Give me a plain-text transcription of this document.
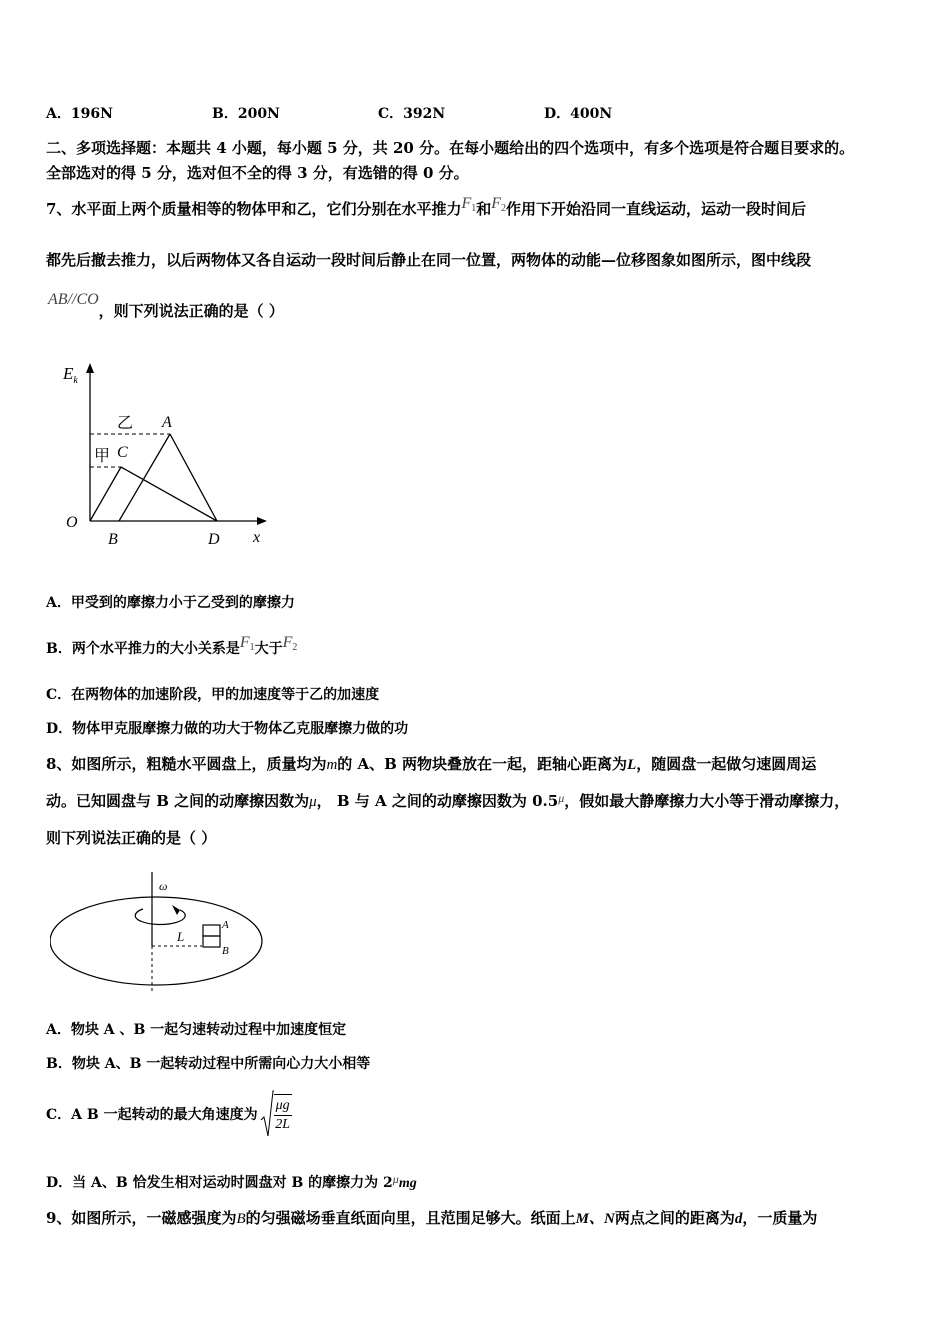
A．196N	B．200N	C．392N	D．400N
二、多项选择题：本题共 4 小题，每小题 5 分，共 20 分。在每小题给出的四个选项中，有多个选项是符合题目要求的。
全部选对的得 5 分，选对但不全的得 3 分，有选错的得 0 分。
7、水平面上两个质量相等的物体甲和乙，它们分别在水平推力$F_1$和$F_2$作用下开始沿同一直线运动，运动一段时间后
都先后撤去推力，以后两物体又各自运动一段时间后静止在同一位置，两物体的动能—位移图象如图所示，图中线段
AB//CO，则下列说法正确的是（ ）
$E_k$
x
O
A
B
C
D
乙
甲
A．甲受到的摩擦力小于乙受到的摩擦力
B．两个水平推力的大小关系是$F_1$大于$F_2$
C．在两物体的加速阶段，甲的加速度等于乙的加速度
D．物体甲克服摩擦力做的功大于物体乙克服摩擦力做的功
8、如图所示，粗糙水平圆盘上，质量均为m的 A、B 两物块叠放在一起，距轴心距离为L，随圆盘一起做匀速圆周运
动。已知圆盘与 B 之间的动摩擦因数为μ， B 与 A 之间的动摩擦因数为 $0.5^\mu$，假如最大静摩擦力大小等于滑动摩擦力，
则下列说法正确的是（ ）
ω
L
A
B
A．物块 A 、B 一起匀速转动过程中加速度恒定
B．物块 A、B 一起转动过程中所需向心力大小相等
C．A B 一起转动的最大角速度为 $\frac{\mu g}{2L}$
D．当 A、B 恰发生相对运动时圆盘对 B 的摩擦力为 2μmg
9、如图所示，一磁感强度为B的匀强磁场垂直纸面向里，且范围足够大。纸面上M、N两点之间的距离为d，一质量为
